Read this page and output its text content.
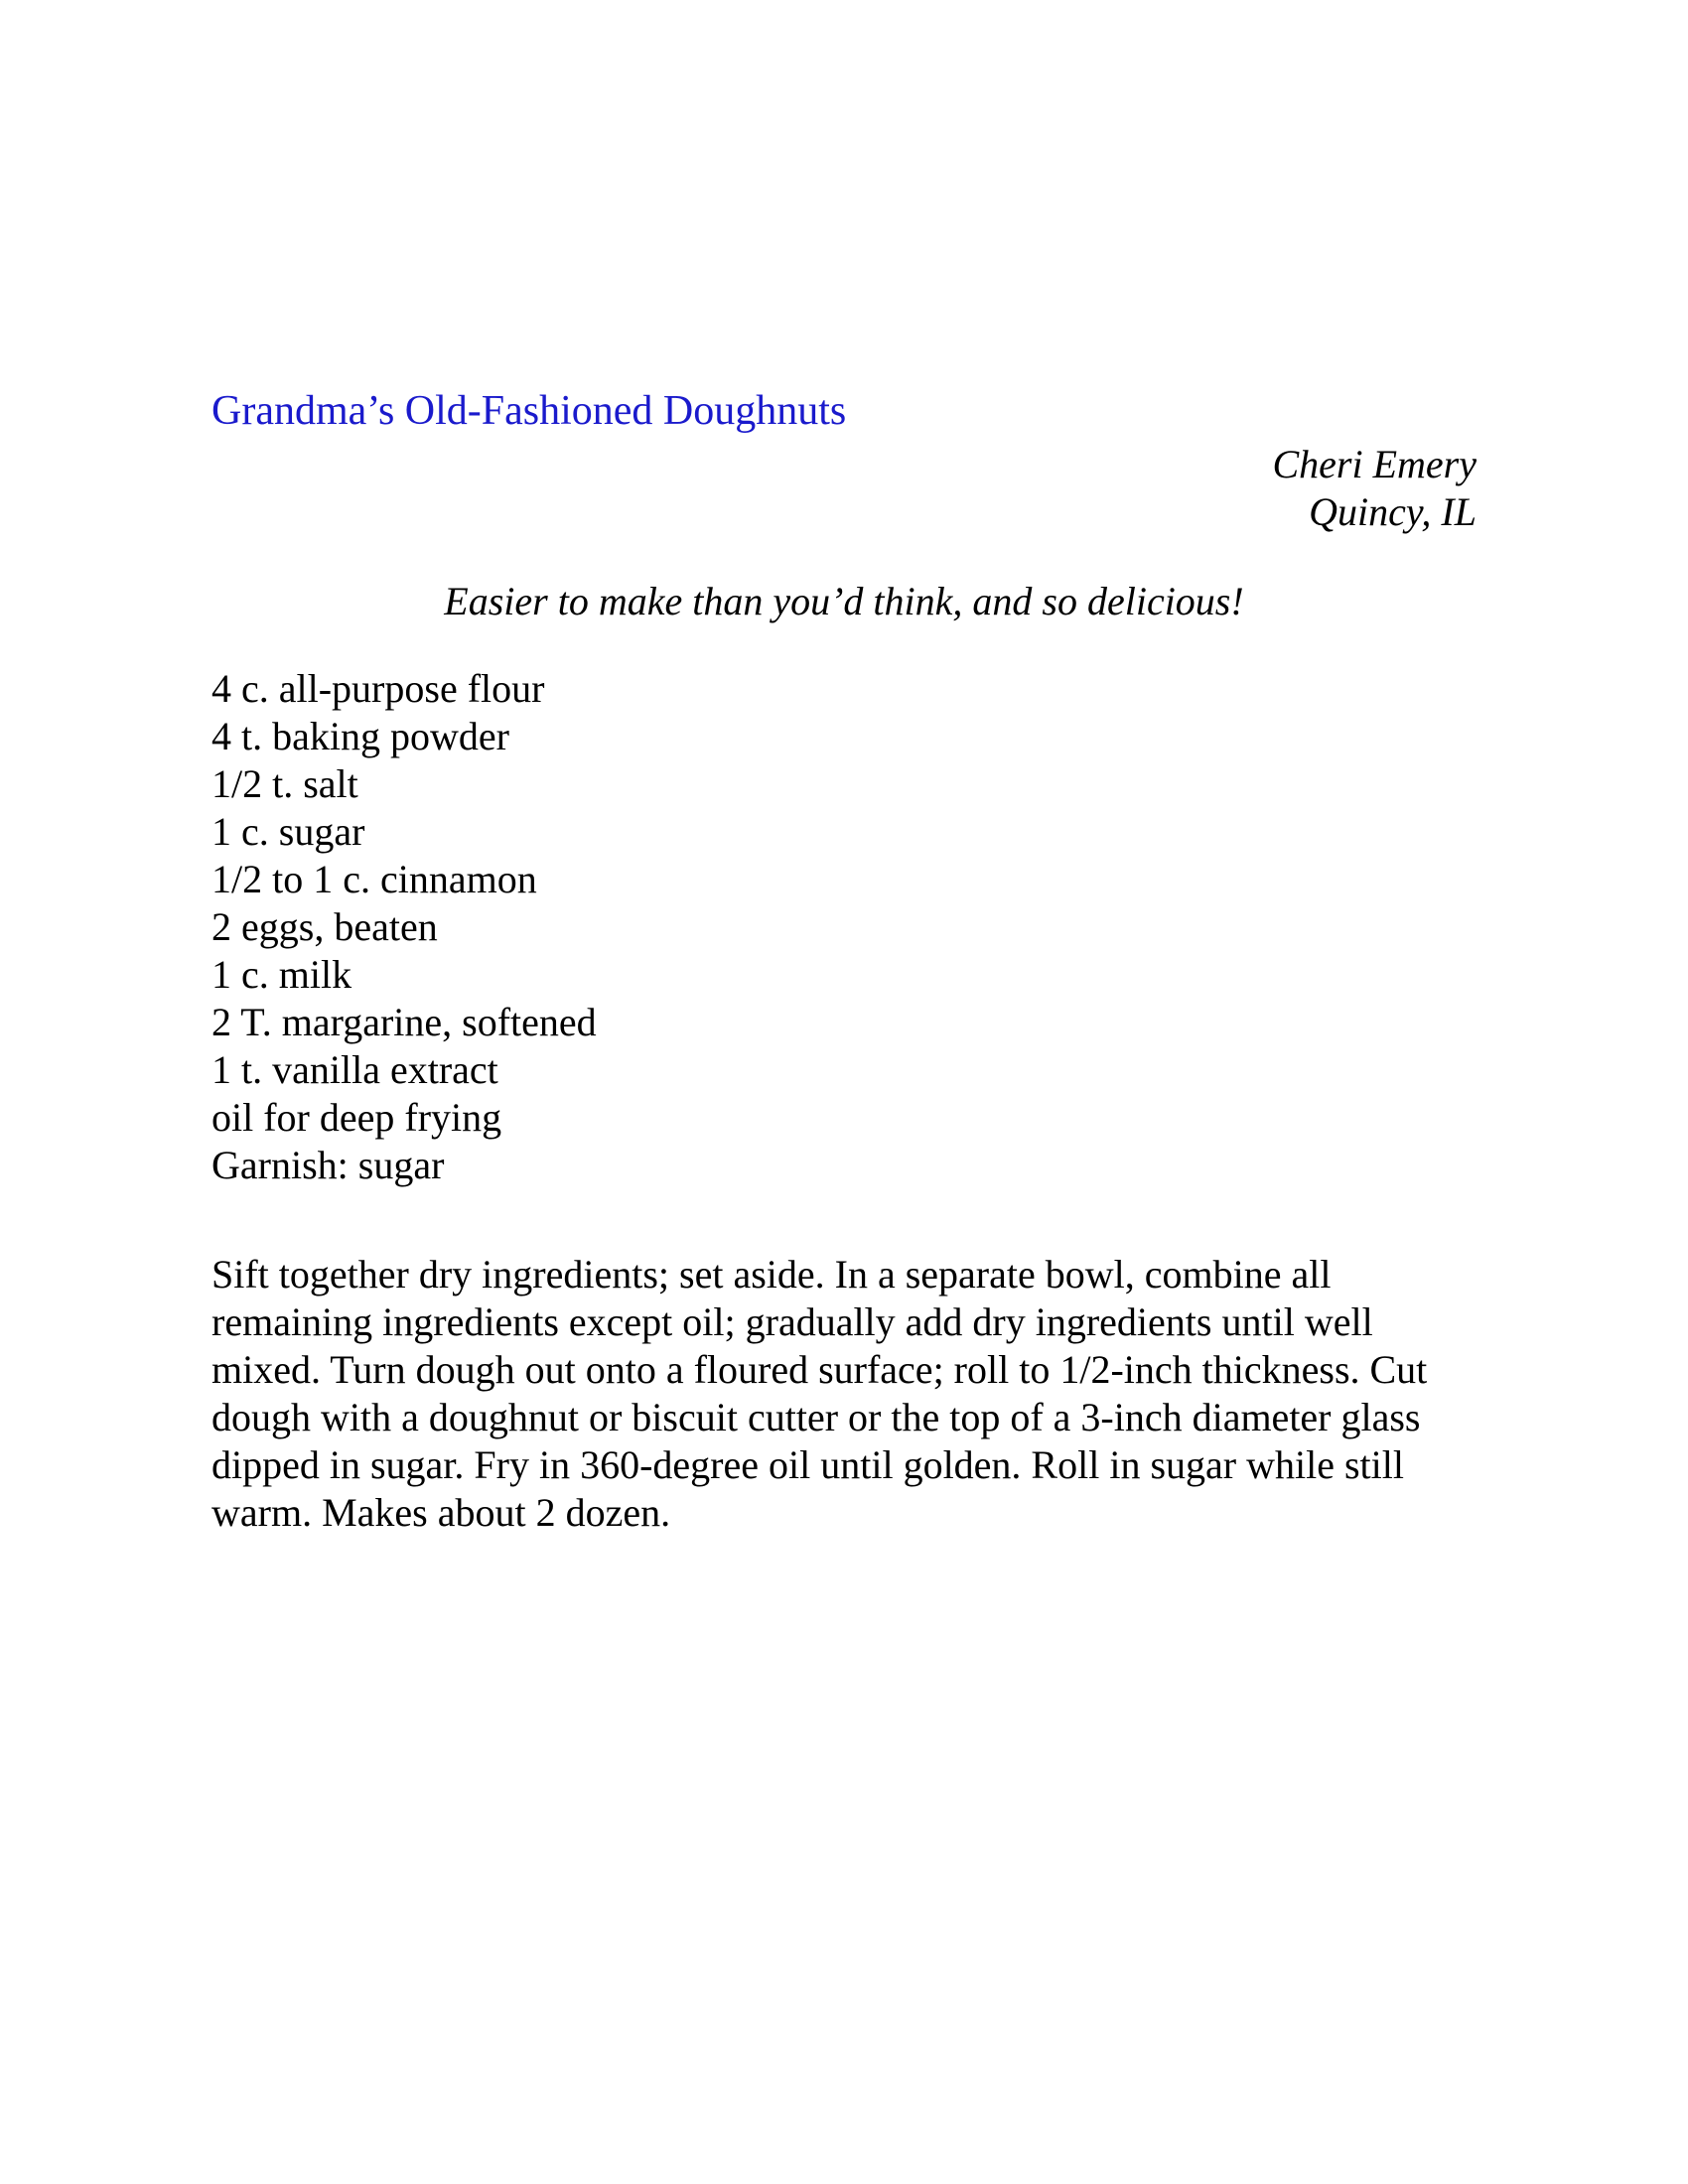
Grandma’s Old-Fashioned Doughnuts
Cheri Emery
Quincy, IL
Easier to make than you’d think, and so delicious!
4 c. all-purpose flour
4 t. baking powder
1/2 t. salt
1 c. sugar
1/2 to 1 c. cinnamon
2 eggs, beaten
1 c. milk
2 T. margarine, softened
1 t. vanilla extract
oil for deep frying
Garnish: sugar

Sift together dry ingredients; set aside. In a separate bowl, combine all remaining ingredients except oil; gradually add dry ingredients until well mixed. Turn dough out onto a floured surface; roll to 1/2-inch thickness. Cut dough with a doughnut or biscuit cutter or the top of a 3-inch diameter glass dipped in sugar. Fry in 360-degree oil until golden. Roll in sugar while still warm. Makes about 2 dozen.
